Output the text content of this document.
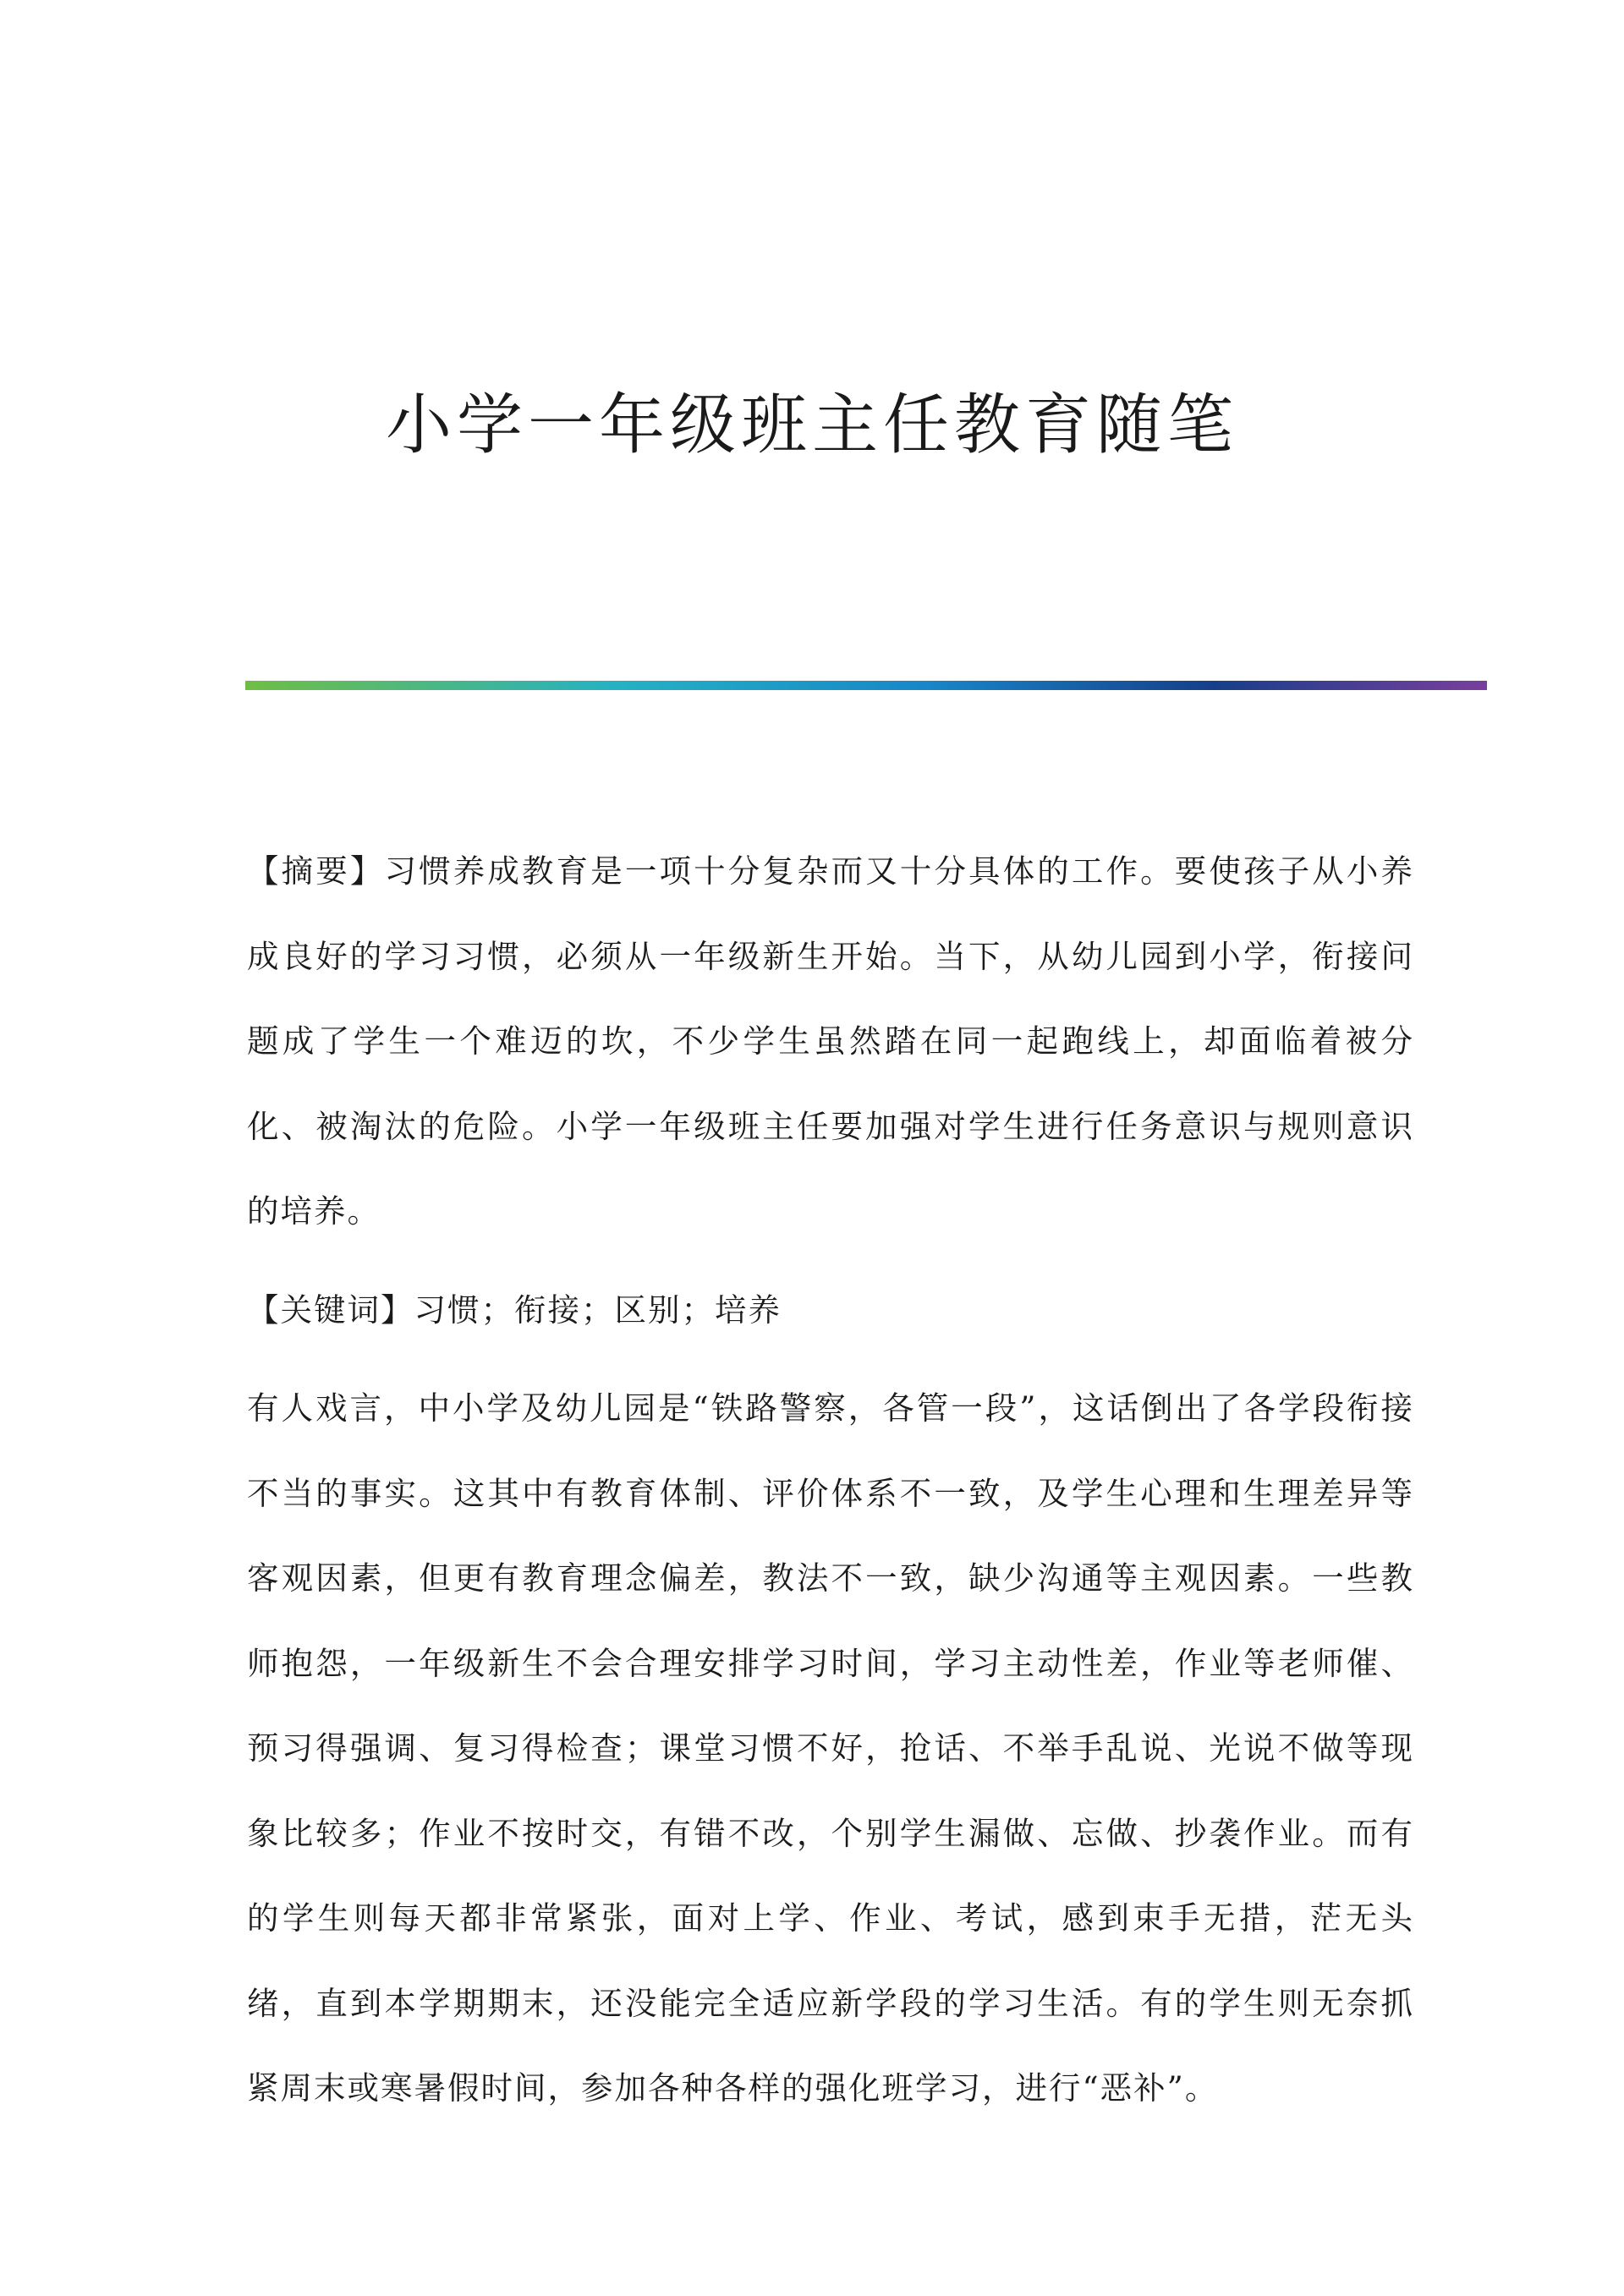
小学一年级班主任教育随笔

【摘要】习惯养成教育是一项十分复杂而又十分具体的工作。要使孩子从小养成良好的学习习惯，必须从一年级新生开始。当下，从幼儿园到小学，衔接问题成了学生一个难迈的坎，不少学生虽然踏在同一起跑线上，却面临着被分化、被淘汰的危险。小学一年级班主任要加强对学生进行任务意识与规则意识的培养。

【关键词】习惯；衔接；区别；培养

有人戏言，中小学及幼儿园是“铁路警察，各管一段”，这话倒出了各学段衔接不当的事实。这其中有教育体制、评价体系不一致，及学生心理和生理差异等客观因素，但更有教育理念偏差，教法不一致，缺少沟通等主观因素。一些教师抱怨，一年级新生不会合理安排学习时间，学习主动性差，作业等老师催、预习得强调、复习得检查；课堂习惯不好，抢话、不举手乱说、光说不做等现象比较多；作业不按时交，有错不改，个别学生漏做、忘做、抄袭作业。而有的学生则每天都非常紧张，面对上学、作业、考试，感到束手无措，茫无头绪，直到本学期期末，还没能完全适应新学段的学习生活。有的学生则无奈抓紧周末或寒暑假时间，参加各种各样的强化班学习，进行“恶补”。
